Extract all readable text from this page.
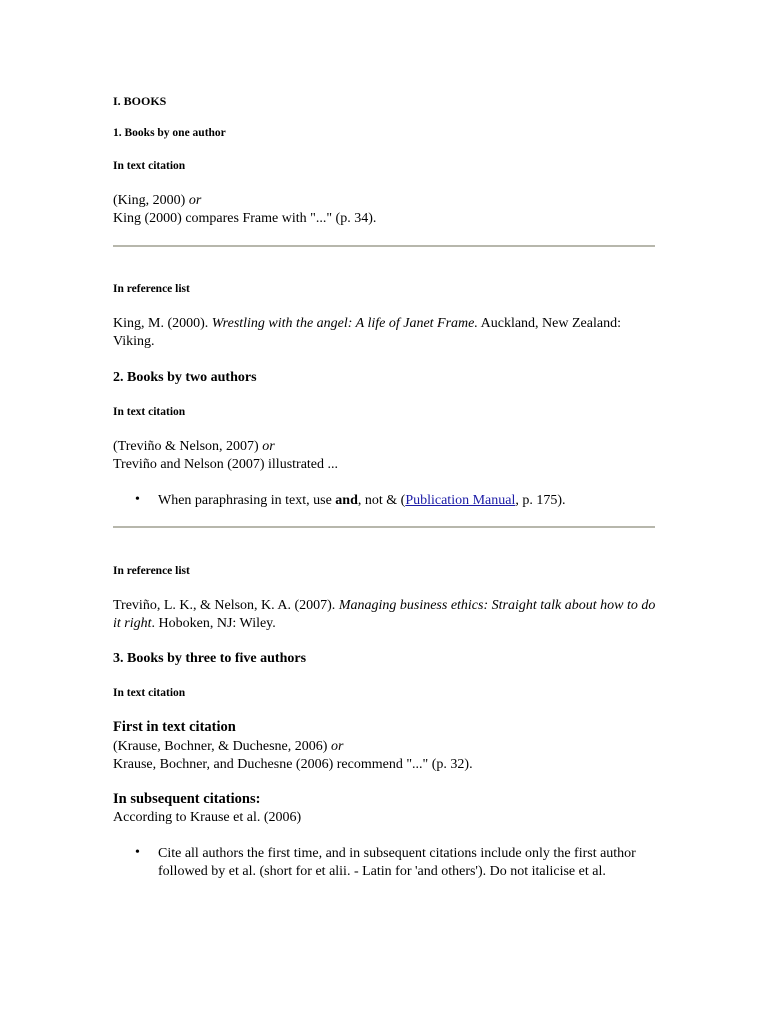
I. BOOKS
1. Books by one author
In text citation
(King, 2000) or
King (2000) compares Frame with "..." (p. 34).
In reference list
King, M. (2000). Wrestling with the angel: A life of Janet Frame. Auckland, New Zealand: Viking.
2. Books by two authors
In text citation
(Treviño & Nelson, 2007) or
Treviño and Nelson (2007) illustrated ...
• When paraphrasing in text, use and, not & (Publication Manual, p. 175).
In reference list
Treviño, L. K., & Nelson, K. A. (2007). Managing business ethics: Straight talk about how to do it right. Hoboken, NJ: Wiley.
3. Books by three to five authors
In text citation
First in text citation
(Krause, Bochner, & Duchesne, 2006) or
Krause, Bochner, and Duchesne (2006) recommend "..." (p. 32).
In subsequent citations:
According to Krause et al. (2006)
• Cite all authors the first time, and in subsequent citations include only the first author followed by et al. (short for et alii. - Latin for 'and others'). Do not italicise et al.
